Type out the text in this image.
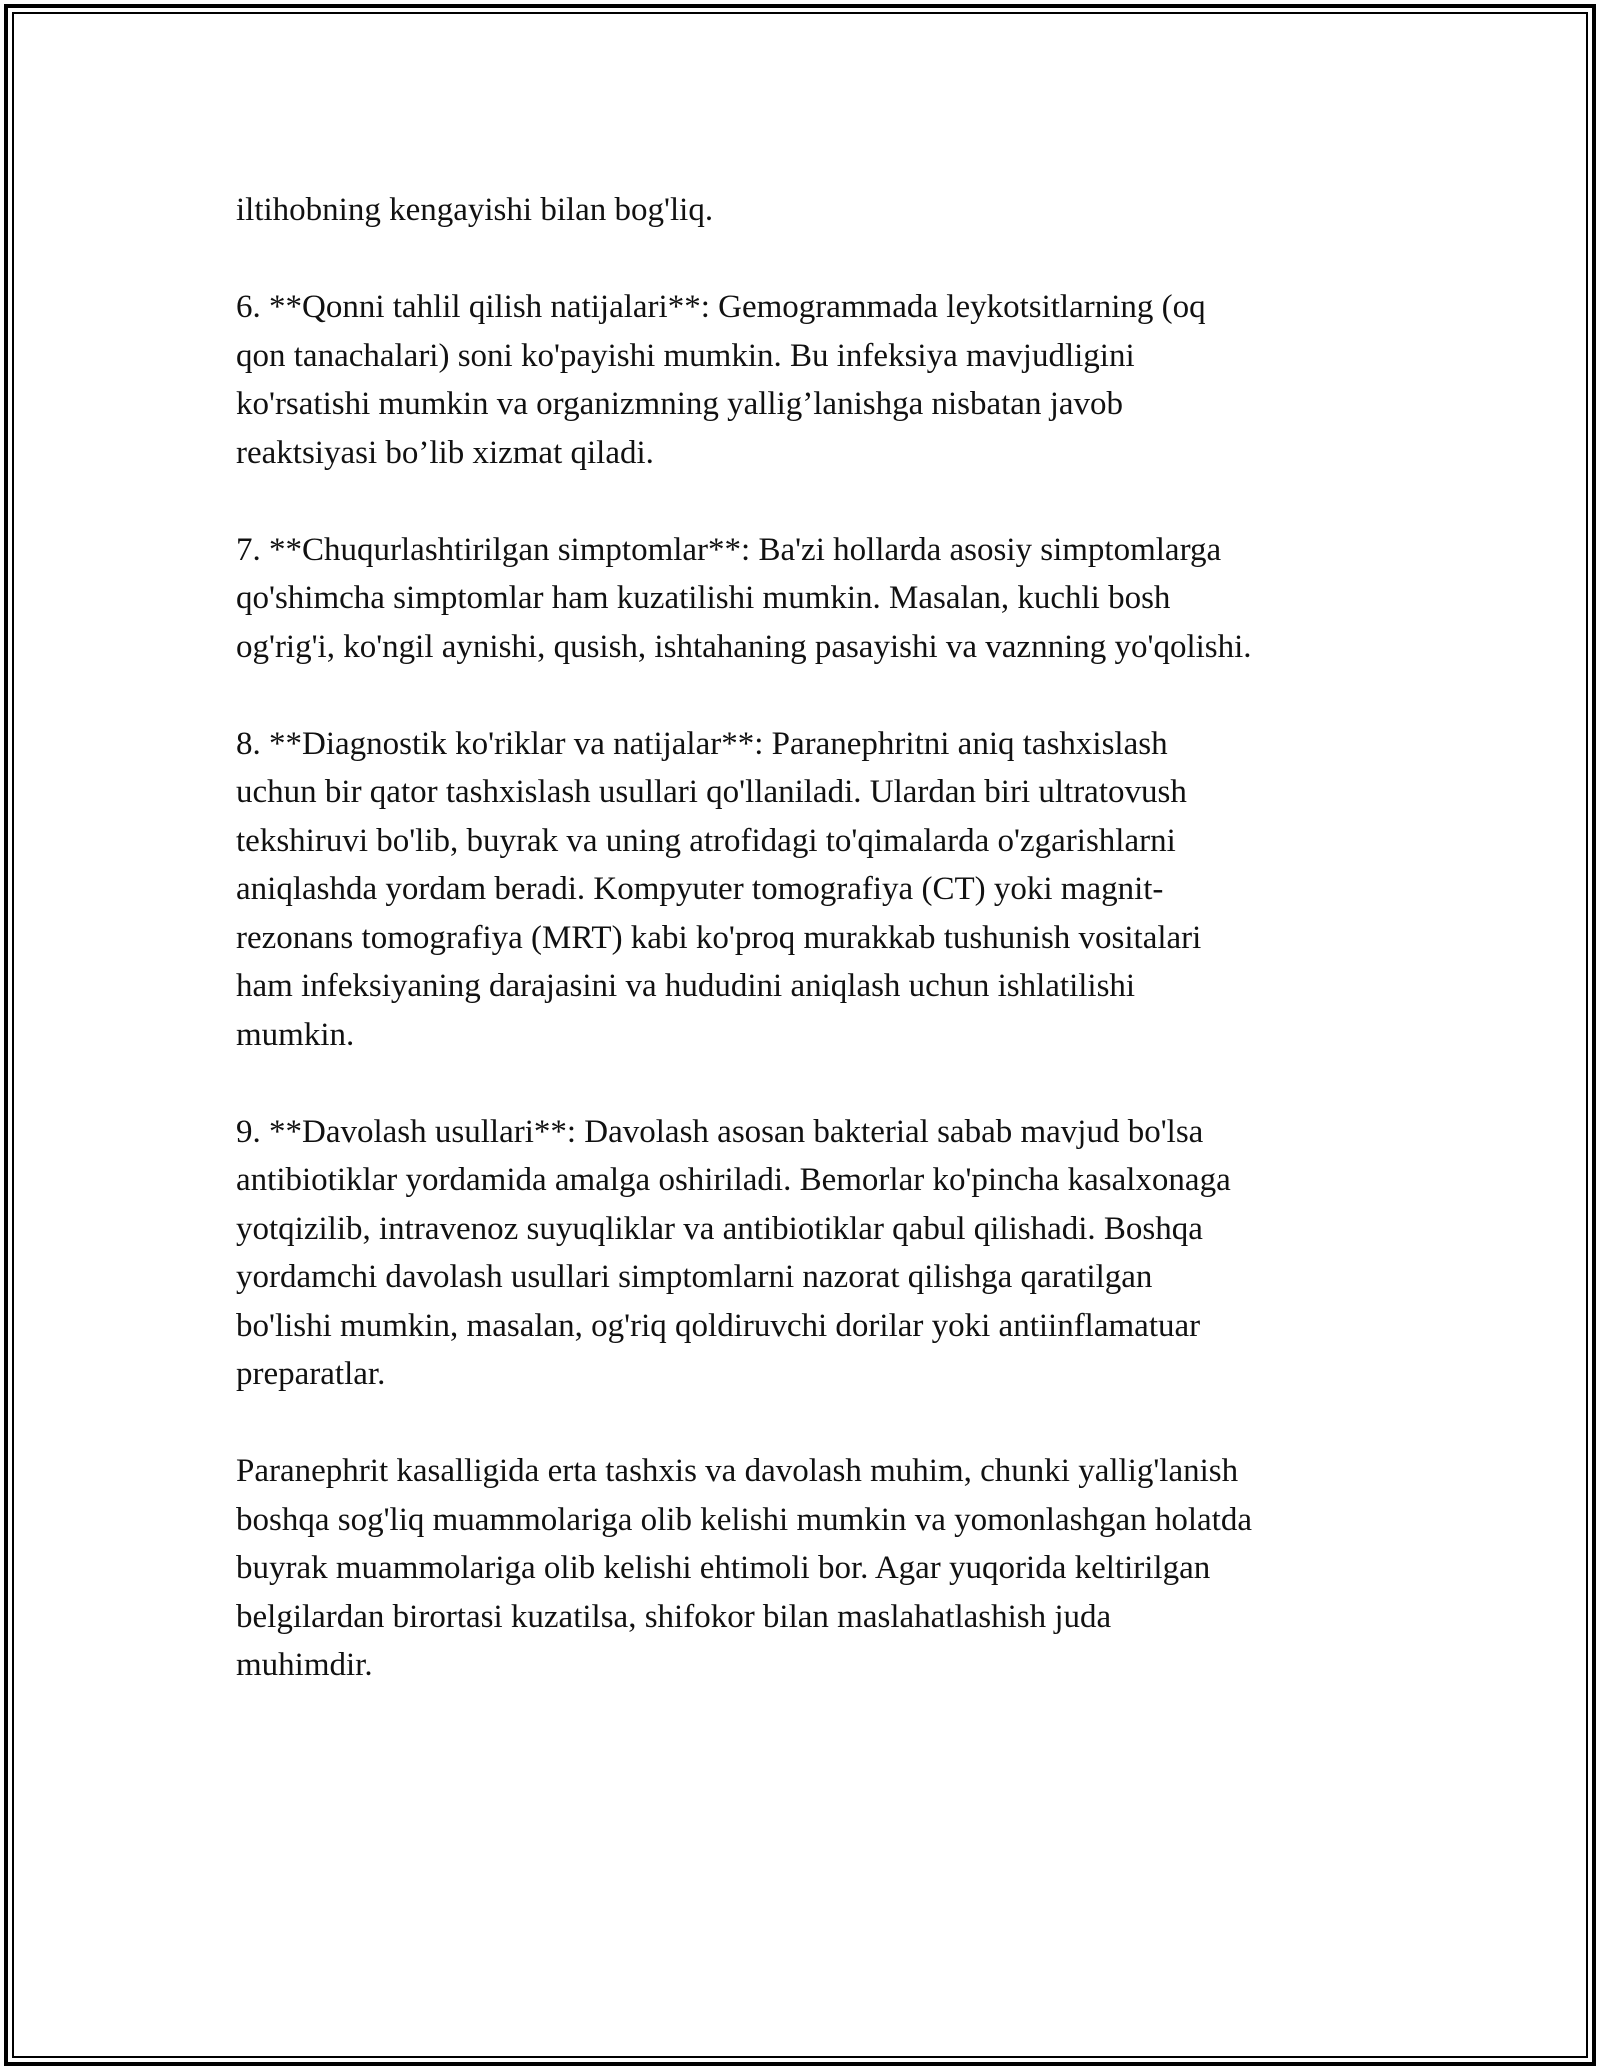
iltihobning kengayishi bilan bog'liq.

6. **Qonni tahlil qilish natijalari**: Gemogrammada leykotsitlarning (oq
qon tanachalari) soni ko'payishi mumkin. Bu infeksiya mavjudligini
ko'rsatishi mumkin va organizmning yallig’lanishga nisbatan javob
reaktsiyasi bo’lib xizmat qiladi.

7. **Chuqurlashtirilgan simptomlar**: Ba'zi hollarda asosiy simptomlarga
qo'shimcha simptomlar ham kuzatilishi mumkin. Masalan, kuchli bosh
og'rig'i, ko'ngil aynishi, qusish, ishtahaning pasayishi va vaznning yo'qolishi.

8. **Diagnostik ko'riklar va natijalar**: Paranephritni aniq tashxislash
uchun bir qator tashxislash usullari qo'llaniladi. Ulardan biri ultratovush
tekshiruvi bo'lib, buyrak va uning atrofidagi to'qimalarda o'zgarishlarni
aniqlashda yordam beradi. Kompyuter tomografiya (CT) yoki magnit-
rezonans tomografiya (MRT) kabi ko'proq murakkab tushunish vositalari
ham infeksiyaning darajasini va hududini aniqlash uchun ishlatilishi
mumkin.

9. **Davolash usullari**: Davolash asosan bakterial sabab mavjud bo'lsa
antibiotiklar yordamida amalga oshiriladi. Bemorlar ko'pincha kasalxonaga
yotqizilib, intravenoz suyuqliklar va antibiotiklar qabul qilishadi. Boshqa
yordamchi davolash usullari simptomlarni nazorat qilishga qaratilgan
bo'lishi mumkin, masalan, og'riq qoldiruvchi dorilar yoki antiinflamatuar
preparatlar.

Paranephrit kasalligida erta tashxis va davolash muhim, chunki yallig'lanish
boshqa sog'liq muammolariga olib kelishi mumkin va yomonlashgan holatda
buyrak muammolariga olib kelishi ehtimoli bor. Agar yuqorida keltirilgan
belgilardan birortasi kuzatilsa, shifokor bilan maslahatlashish juda
muhimdir.
